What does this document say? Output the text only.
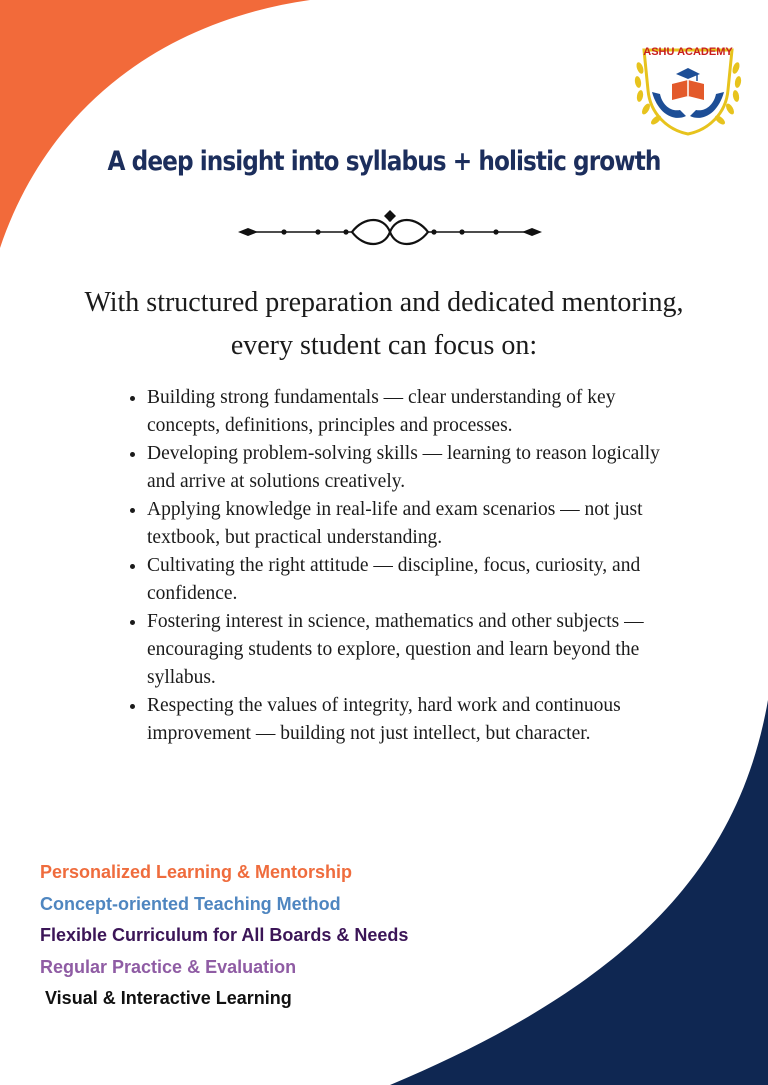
ASHU ACADEMY
A deep insight into syllabus + holistic growth

With structured preparation and dedicated mentoring, every student can focus on:

• Building strong fundamentals — clear understanding of key concepts, definitions, principles and processes.
• Developing problem-solving skills — learning to reason logically and arrive at solutions creatively.
• Applying knowledge in real-life and exam scenarios — not just textbook, but practical understanding.
• Cultivating the right attitude — discipline, focus, curiosity, and confidence.
• Fostering interest in science, mathematics and other subjects — encouraging students to explore, question and learn beyond the syllabus.
• Respecting the values of integrity, hard work and continuous improvement — building not just intellect, but character.
Personalized Learning & Mentorship
Concept-oriented Teaching Method
Flexible Curriculum for All Boards & Needs
Regular Practice & Evaluation
Visual & Interactive Learning
